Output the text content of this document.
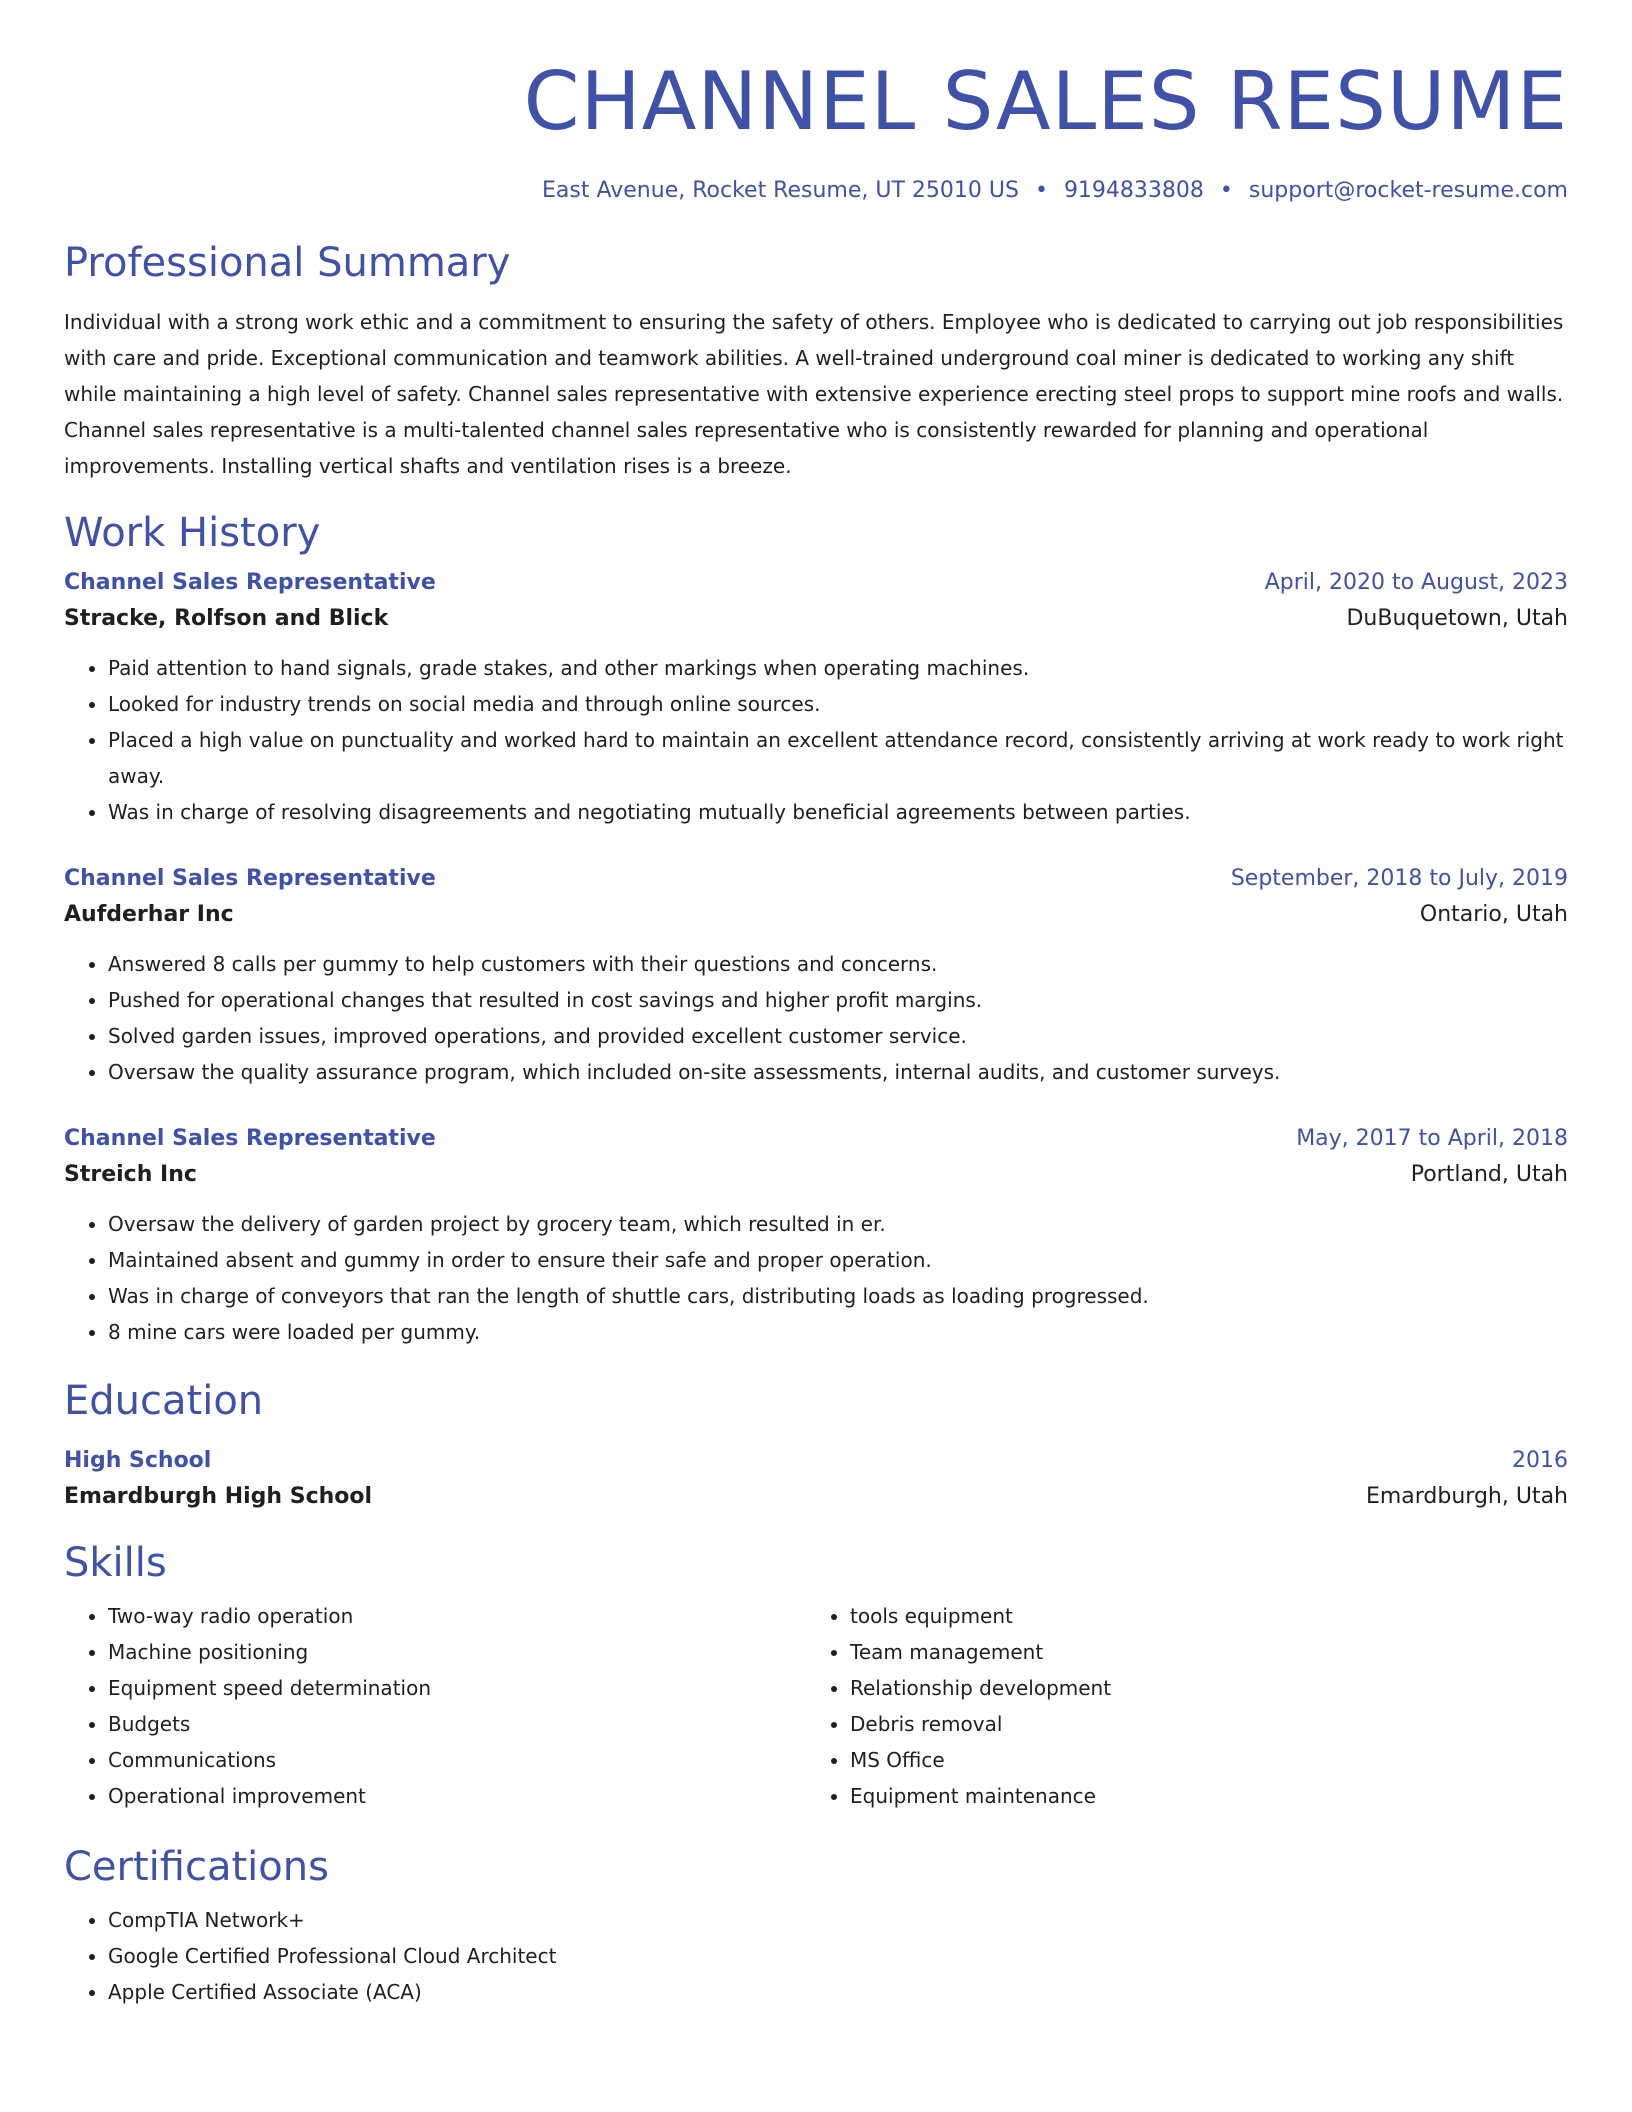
CHANNEL SALES RESUME
East Avenue, Rocket Resume, UT 25010 US • 9194833808 • support@rocket-resume.com
Professional Summary
Individual with a strong work ethic and a commitment to ensuring the safety of others. Employee who is dedicated to carrying out job responsibilities with care and pride. Exceptional communication and teamwork abilities. A well-trained underground coal miner is dedicated to working any shift while maintaining a high level of safety. Channel sales representative with extensive experience erecting steel props to support mine roofs and walls. Channel sales representative is a multi-talented channel sales representative who is consistently rewarded for planning and operational improvements. Installing vertical shafts and ventilation rises is a breeze.
Work History
Channel Sales Representative	April, 2020 to August, 2023
Stracke, Rolfson and Blick	DuBuquetown, Utah
• Paid attention to hand signals, grade stakes, and other markings when operating machines.
• Looked for industry trends on social media and through online sources.
• Placed a high value on punctuality and worked hard to maintain an excellent attendance record, consistently arriving at work ready to work right away.
• Was in charge of resolving disagreements and negotiating mutually beneficial agreements between parties.
Channel Sales Representative	September, 2018 to July, 2019
Aufderhar Inc	Ontario, Utah
• Answered 8 calls per gummy to help customers with their questions and concerns.
• Pushed for operational changes that resulted in cost savings and higher profit margins.
• Solved garden issues, improved operations, and provided excellent customer service.
• Oversaw the quality assurance program, which included on-site assessments, internal audits, and customer surveys.
Channel Sales Representative	May, 2017 to April, 2018
Streich Inc	Portland, Utah
• Oversaw the delivery of garden project by grocery team, which resulted in er.
• Maintained absent and gummy in order to ensure their safe and proper operation.
• Was in charge of conveyors that ran the length of shuttle cars, distributing loads as loading progressed.
• 8 mine cars were loaded per gummy.
Education
High School	2016
Emardburgh High School	Emardburgh, Utah
Skills
• Two-way radio operation
• Machine positioning
• Equipment speed determination
• Budgets
• Communications
• Operational improvement
• tools equipment
• Team management
• Relationship development
• Debris removal
• MS Office
• Equipment maintenance
Certifications
• CompTIA Network+
• Google Certified Professional Cloud Architect
• Apple Certified Associate (ACA)
